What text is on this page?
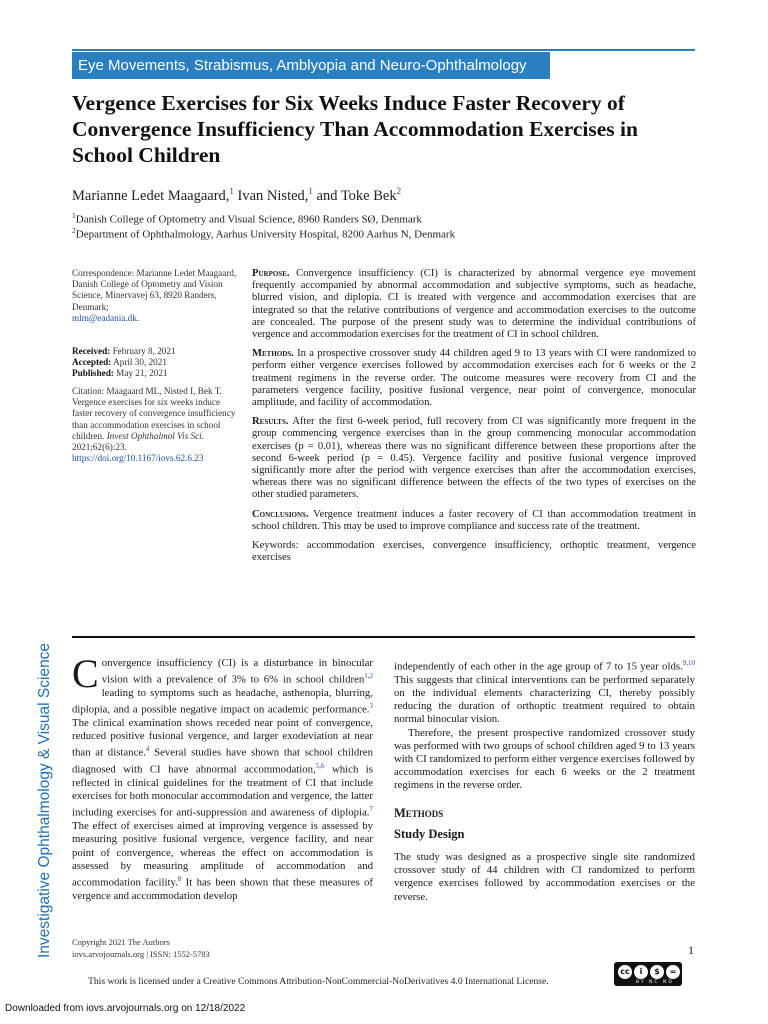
Investigative Ophthalmology & Visual Science
Eye Movements, Strabismus, Amblyopia and Neuro-Ophthalmology
Vergence Exercises for Six Weeks Induce Faster Recovery of Convergence Insufficiency Than Accommodation Exercises in School Children
Marianne Ledet Maagaard,$^1$ Ivan Nisted,$^1$ and Toke Bek$^2$
$^1$Danish College of Optometry and Visual Science, 8960 Randers SØ, Denmark
$^2$Department of Ophthalmology, Aarhus University Hospital, 8200 Aarhus N, Denmark
Correspondence: Marianne Ledet Maagaard, Danish College of Optometry and Vision Science, Minervavej 63, 8920 Randers, Denmark;
mlm@eadania.dk.
Received: February 8, 2021
Accepted: April 30, 2021
Published: May 21, 2021
Citation: Maagaard ML, Nisted I, Bek T. Vergence exercises for six weeks induce faster recovery of convergence insufficiency than accommodation exercises in school children. Invest Ophthalmol Vis Sci. 2021;62(6):23.
https://doi.org/10.1167/iovs.62.6.23

Purpose. Convergence insufficiency (CI) is characterized by abnormal vergence eye movement frequently accompanied by abnormal accommodation and subjective symptoms, such as headache, blurred vision, and diplopia. CI is treated with vergence and accommodation exercises that are integrated so that the relative contributions of vergence and accommodation exercises to the outcome are concealed. The purpose of the present study was to determine the individual contributions of vergence and accommodation exercises for the treatment of CI in school children.

Methods. In a prospective crossover study 44 children aged 9 to 13 years with CI were randomized to perform either vergence exercises followed by accommodation exercises each for 6 weeks or the 2 treatment regimens in the reverse order. The outcome measures were recovery from CI and the parameters vergence facility, positive fusional vergence, near point of convergence, monocular amplitude, and facility of accommodation.

Results. After the first 6-week period, full recovery from CI was significantly more frequent in the group commencing vergence exercises than in the group commencing monocular accommodation exercises (p = 0.01), whereas there was no significant difference between these proportions after the second 6-week period (p = 0.45). Vergence facility and positive fusional vergence improved significantly more after the period with vergence exercises than after the accommodation exercises, whereas there was no significant difference between the effects of the two types of exercises on the other studied parameters.

Conclusions. Vergence treatment induces a faster recovery of CI than accommodation treatment in school children. This may be used to improve compliance and success rate of the treatment.

Keywords: accommodation exercises, convergence insufficiency, orthoptic treatment, vergence exercises

Convergence insufficiency (CI) is a disturbance in binocular vision with a prevalence of 3% to 6% in school children$^{1,2}$ leading to symptoms such as headache, asthenopia, blurring, diplopia, and a possible negative impact on academic performance.$^3$ The clinical examination shows receded near point of convergence, reduced positive fusional vergence, and larger exodeviation at near than at distance.$^4$ Several studies have shown that school children diagnosed with CI have abnormal accommodation,$^{5,6}$ which is reflected in clinical guidelines for the treatment of CI that include exercises for both monocular accommodation and vergence, the latter including exercises for anti-suppression and awareness of diplopia.$^7$ The effect of exercises aimed at improving vergence is assessed by measuring positive fusional vergence, vergence facility, and near point of convergence, whereas the effect on accommodation is assessed by measuring amplitude of accommodation and accommodation facility.$^8$ It has been shown that these measures of vergence and accommodation develop

independently of each other in the age group of 7 to 15 year olds.$^{9,10}$ This suggests that clinical interventions can be performed separately on the individual elements characterizing CI, thereby possibly reducing the duration of orthoptic treatment required to obtain normal binocular vision.

Therefore, the present prospective randomized crossover study was performed with two groups of school children aged 9 to 13 years with CI randomized to perform either vergence exercises followed by accommodation exercises for each 6 weeks or the 2 treatment regimens in the reverse order.

Methods
Study Design

The study was designed as a prospective single site randomized crossover study of 44 children with CI randomized to perform vergence exercises followed by accommodation exercises or the reverse.

Copyright 2021 The Authors
iovs.arvojournals.org | ISSN: 1552-5783	1
This work is licensed under a Creative Commons Attribution-NonCommercial-NoDerivatives 4.0 International License.
cc	i	$	=
BY NC ND
Downloaded from iovs.arvojournals.org on 12/18/2022
